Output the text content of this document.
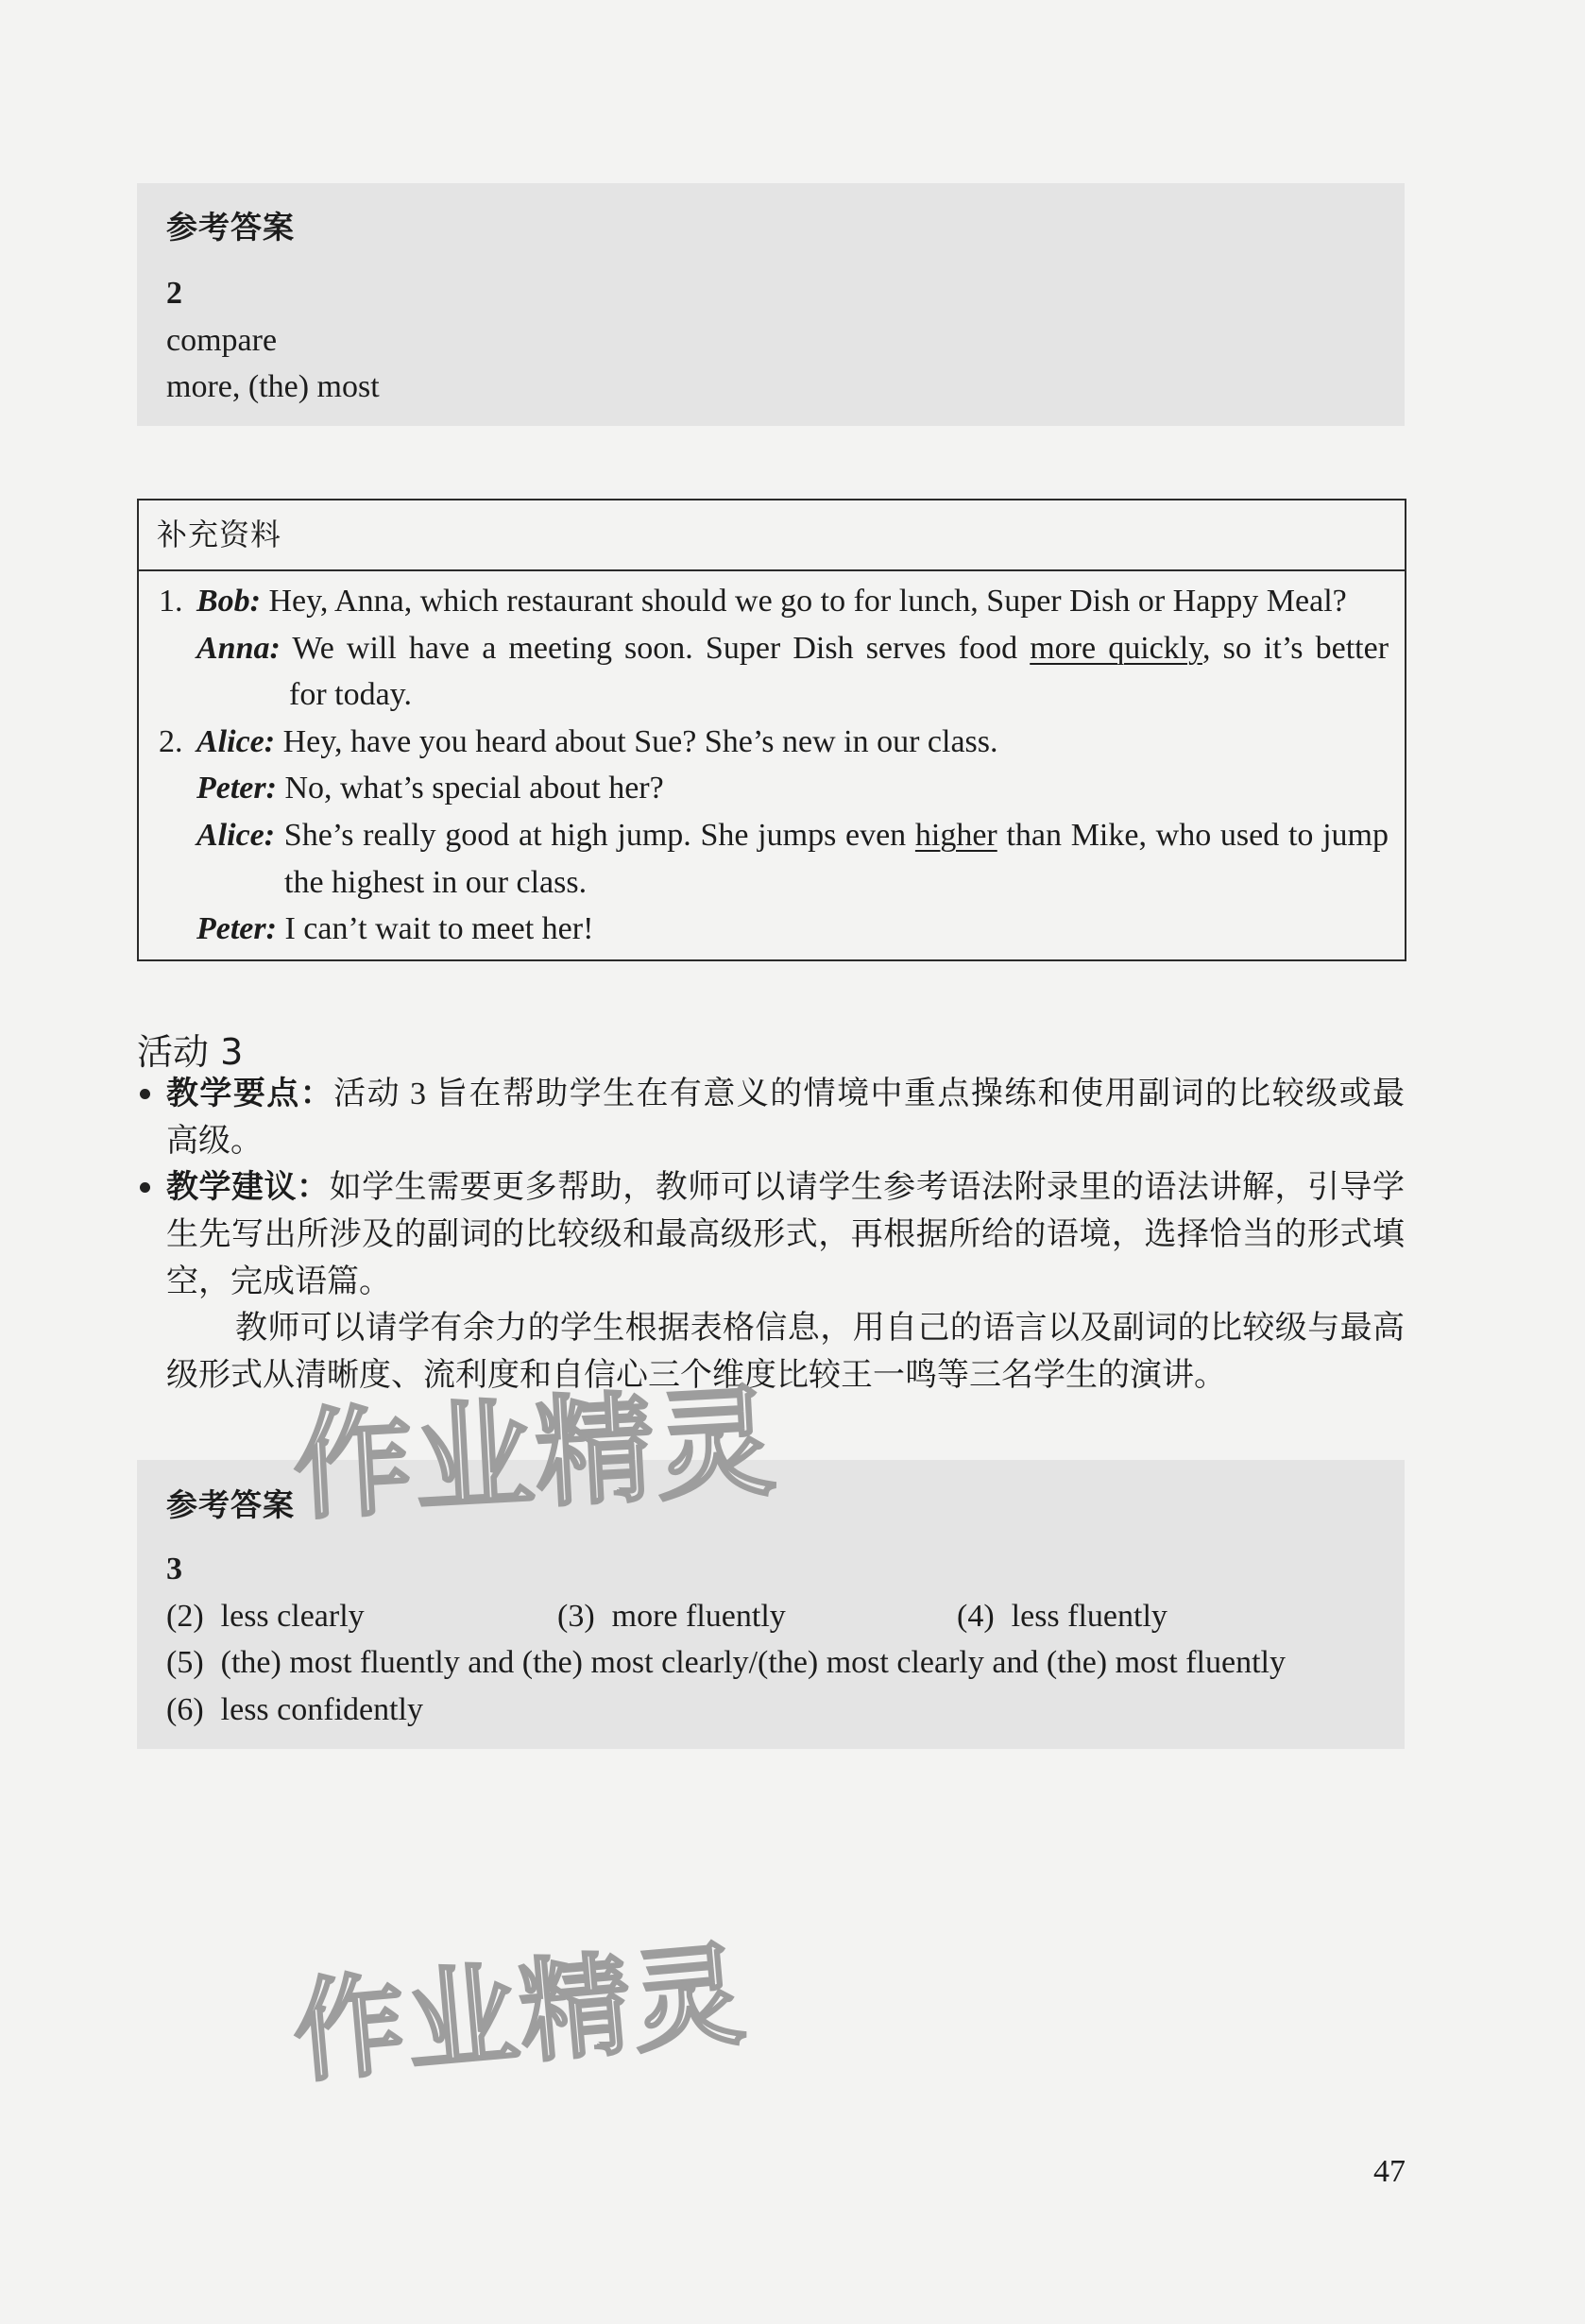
参考答案
2
compare
more, (the) most
补充资料
1. Bob: Hey, Anna, which restaurant should we go to for lunch, Super Dish or Happy Meal?
Anna: We will have a meeting soon. Super Dish serves food more quickly, so it’s better
for today.
2. Alice: Hey, have you heard about Sue? She’s new in our class.
Peter: No, what’s special about her?
Alice: She’s really good at high jump. She jumps even higher than Mike, who used to jump
the highest in our class.
Peter: I can’t wait to meet her!
活动 3
教学要点：活动 3 旨在帮助学生在有意义的情境中重点操练和使用副词的比较级或最
高级。
教学建议：如学生需要更多帮助，教师可以请学生参考语法附录里的语法讲解，引导学
生先写出所涉及的副词的比较级和最高级形式，再根据所给的语境，选择恰当的形式填
空，完成语篇。
教师可以请学有余力的学生根据表格信息，用自己的语言以及副词的比较级与最高
级形式从清晰度、流利度和自信心三个维度比较王一鸣等三名学生的演讲。
参考答案
3
(2) less clearly	(3) more fluently	(4) less fluently
(5) (the) most fluently and (the) most clearly/(the) most clearly and (the) most fluently
(6) less confidently
作业精灵
作业精灵
47
